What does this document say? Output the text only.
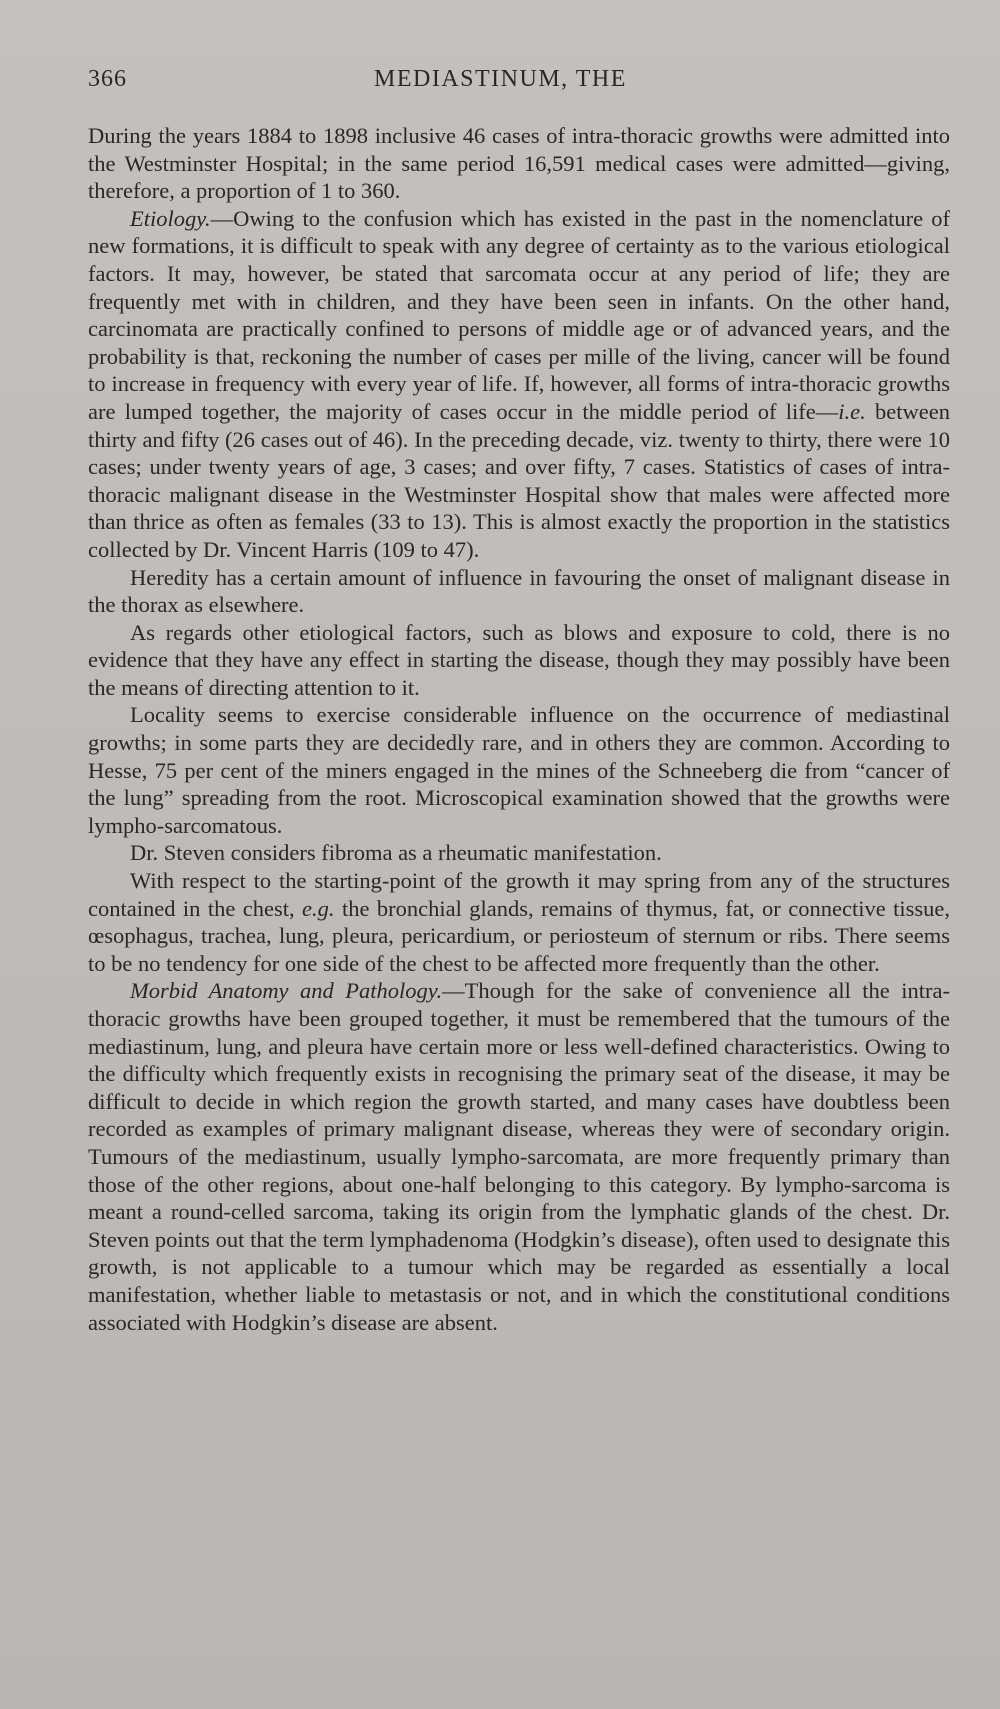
366	MEDIASTINUM, THE

During the years 1884 to 1898 inclusive 46 cases of intra-thoracic growths were admitted into the Westminster Hospital; in the same period 16,591 medical cases were admitted—giving, therefore, a proportion of 1 to 360.

Etiology.—Owing to the confusion which has existed in the past in the nomenclature of new formations, it is difficult to speak with any degree of certainty as to the various etiological factors. It may, however, be stated that sarcomata occur at any period of life; they are frequently met with in children, and they have been seen in infants. On the other hand, carcinomata are practically confined to persons of middle age or of advanced years, and the probability is that, reckoning the number of cases per mille of the living, cancer will be found to increase in frequency with every year of life. If, however, all forms of intra-thoracic growths are lumped together, the majority of cases occur in the middle period of life—i.e. between thirty and fifty (26 cases out of 46). In the preceding decade, viz. twenty to thirty, there were 10 cases; under twenty years of age, 3 cases; and over fifty, 7 cases. Statistics of cases of intra-thoracic malignant disease in the Westminster Hospital show that males were affected more than thrice as often as females (33 to 13). This is almost exactly the proportion in the statistics collected by Dr. Vincent Harris (109 to 47).

Heredity has a certain amount of influence in favouring the onset of malignant disease in the thorax as elsewhere.

As regards other etiological factors, such as blows and exposure to cold, there is no evidence that they have any effect in starting the disease, though they may possibly have been the means of directing attention to it.

Locality seems to exercise considerable influence on the occurrence of mediastinal growths; in some parts they are decidedly rare, and in others they are common. According to Hesse, 75 per cent of the miners engaged in the mines of the Schneeberg die from “cancer of the lung” spreading from the root. Microscopical examination showed that the growths were lympho-sarcomatous.

Dr. Steven considers fibroma as a rheumatic manifestation.

With respect to the starting-point of the growth it may spring from any of the structures contained in the chest, e.g. the bronchial glands, remains of thymus, fat, or connective tissue, œsophagus, trachea, lung, pleura, pericardium, or periosteum of sternum or ribs. There seems to be no tendency for one side of the chest to be affected more frequently than the other.

Morbid Anatomy and Pathology.—Though for the sake of convenience all the intra-thoracic growths have been grouped together, it must be remembered that the tumours of the mediastinum, lung, and pleura have certain more or less well-defined characteristics. Owing to the difficulty which frequently exists in recognising the primary seat of the disease, it may be difficult to decide in which region the growth started, and many cases have doubtless been recorded as examples of primary malignant disease, whereas they were of secondary origin. Tumours of the mediastinum, usually lympho-sarcomata, are more frequently primary than those of the other regions, about one-half belonging to this category. By lympho-sarcoma is meant a round-celled sarcoma, taking its origin from the lymphatic glands of the chest. Dr. Steven points out that the term lymphadenoma (Hodgkin’s disease), often used to designate this growth, is not applicable to a tumour which may be regarded as essentially a local manifestation, whether liable to metastasis or not, and in which the constitutional conditions associated with Hodgkin’s disease are absent.
